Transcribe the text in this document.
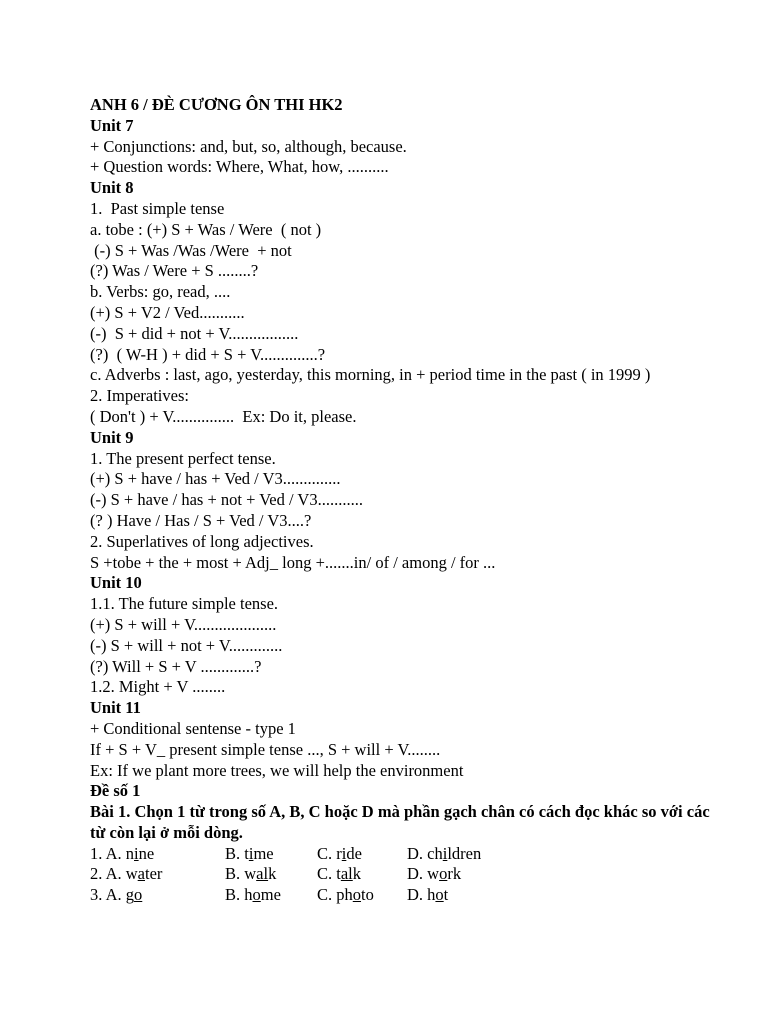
ANH 6 / ĐÈ CƯƠNG ÔN THI HK2
Unit 7
+ Conjunctions: and, but, so, although, because.
+ Question words: Where, What, how, ..........
Unit 8
1.  Past simple tense
a. tobe : (+) S + Was / Were  ( not )
(-) S + Was /Was /Were  + not
(?) Was / Were + S ........?
b. Verbs: go, read, ....
(+) S + V2 / Ved...........
(-)  S + did + not + V.................
(?)  ( W-H ) + did + S + V..............?
c. Adverbs : last, ago, yesterday, this morning, in + period time in the past ( in 1999 )
2. Imperatives:
( Don't ) + V...............  Ex: Do it, please.
Unit 9
1. The present perfect tense.
(+) S + have / has + Ved / V3..............
(-) S + have / has + not + Ved / V3...........
(? ) Have / Has / S + Ved / V3....?
2. Superlatives of long adjectives.
S +tobe + the + most + Adj_ long +.......in/ of / among / for ...
Unit 10
1.1. The future simple tense.
(+) S + will + V....................
(-) S + will + not + V.............
(?) Will + S + V .............?
1.2. Might + V ........
Unit 11
+ Conditional sentense - type 1
If + S + V_ present simple tense ..., S + will + V........
Ex: If we plant more trees, we will help the environment
Đề số 1
Bài 1. Chọn 1 từ trong số A, B, C hoặc D mà phần gạch chân có cách đọc khác so với các từ còn lại ở mỗi dòng.
1. A. nine	B. time	C. ride	D. children
2. A. water	B. walk	C. talk	D. work
3. A. go	B. home	C. photo	D. hot
